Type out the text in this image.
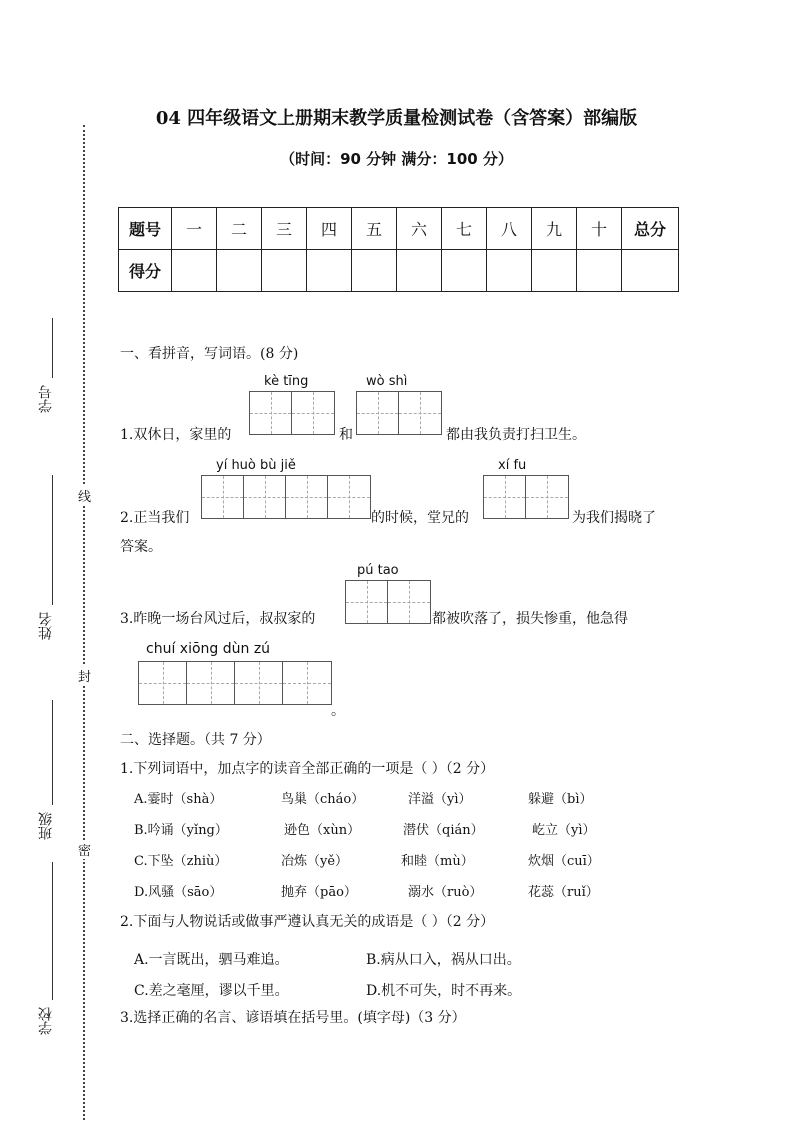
学号
姓名
班级
学校
线
封
密
04 四年级语文上册期末教学质量检测试卷（含答案）部编版
（时间：90 分钟 满分：100 分）
题号	一	二	三	四	五	六	七	八	九	十	总分
得分											
一、看拼音，写词语。(8 分)
kè tīng	wò shì
1.双休日，家里的	和	都由我负责打扫卫生。
yí huò bù jiě	xí fu
2.正当我们	的时候，堂兄的	为我们揭晓了
答案。
pú tao
3.昨晚一场台风过后，叔叔家的	都被吹落了，损失惨重，他急得
chuí xiōng dùn zú
。
二、选择题。（共 7 分）
1.下列词语中，加点字的读音全部正确的一项是（ ）（2 分）
A.霎时（shà）	鸟巢（cháo）	洋溢（yì）	躲避（bì）
B.吟诵（yǐng）	逊色（xùn）	潜伏（qián）	屹立（yì）
C.下坠（zhiù）	冶炼（yě）	和睦（mù）	炊烟（cuī）
D.风骚（sāo）	抛弃（pāo）	溺水（ruò）	花蕊（ruǐ）
2.下面与人物说话或做事严遵认真无关的成语是（ ）（2 分）
A.一言既出，驷马难追。	B.病从口入，祸从口出。
C.差之毫厘，谬以千里。	D.机不可失，时不再来。
3.选择正确的名言、谚语填在括号里。(填字母)（3 分）
